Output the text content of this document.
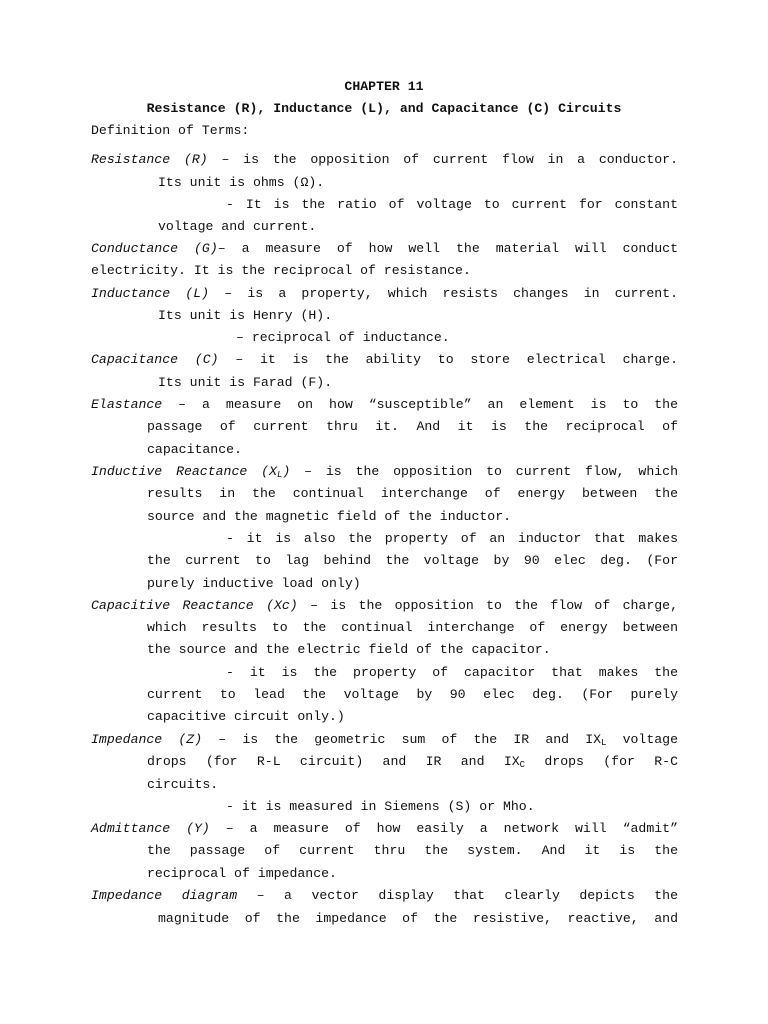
CHAPTER 11
Resistance (R), Inductance (L), and Capacitance (C) Circuits
Definition of Terms:
Resistance (R) – is the opposition of current flow in a conductor.
Its unit is ohms (Ω).
- It is the ratio of voltage to current for constant
voltage and current.
Conductance (G)– a measure of how well the material will conduct
electricity. It is the reciprocal of resistance.
Inductance (L) – is a property, which resists changes in current.
Its unit is Henry (H).
– reciprocal of inductance.
Capacitance (C) – it is the ability to store electrical charge.
Its unit is Farad (F).
Elastance – a measure on how “susceptible” an element is to the
passage of current thru it. And it is the reciprocal of
capacitance.
Inductive Reactance $(X_L)$ – is the opposition to current flow, which
results in the continual interchange of energy between the
source and the magnetic field of the inductor.
- it is also the property of an inductor that makes
the current to lag behind the voltage by 90 elec deg. (For
purely inductive load only)
Capacitive Reactance (Xc) – is the opposition to the flow of charge,
which results to the continual interchange of energy between
the source and the electric field of the capacitor.
- it is the property of capacitor that makes the
current to lead the voltage by 90 elec deg. (For purely
capacitive circuit only.)
Impedance (Z) – is the geometric sum of the IR and $IX_L$ voltage
drops (for R-L circuit) and IR and $IX_C$ drops (for R-C
circuits.
- it is measured in Siemens (S) or Mho.
Admittance (Y) – a measure of how easily a network will “admit”
the passage of current thru the system. And it is the
reciprocal of impedance.
Impedance diagram – a vector display that clearly depicts the
magnitude of the impedance of the resistive, reactive, and
